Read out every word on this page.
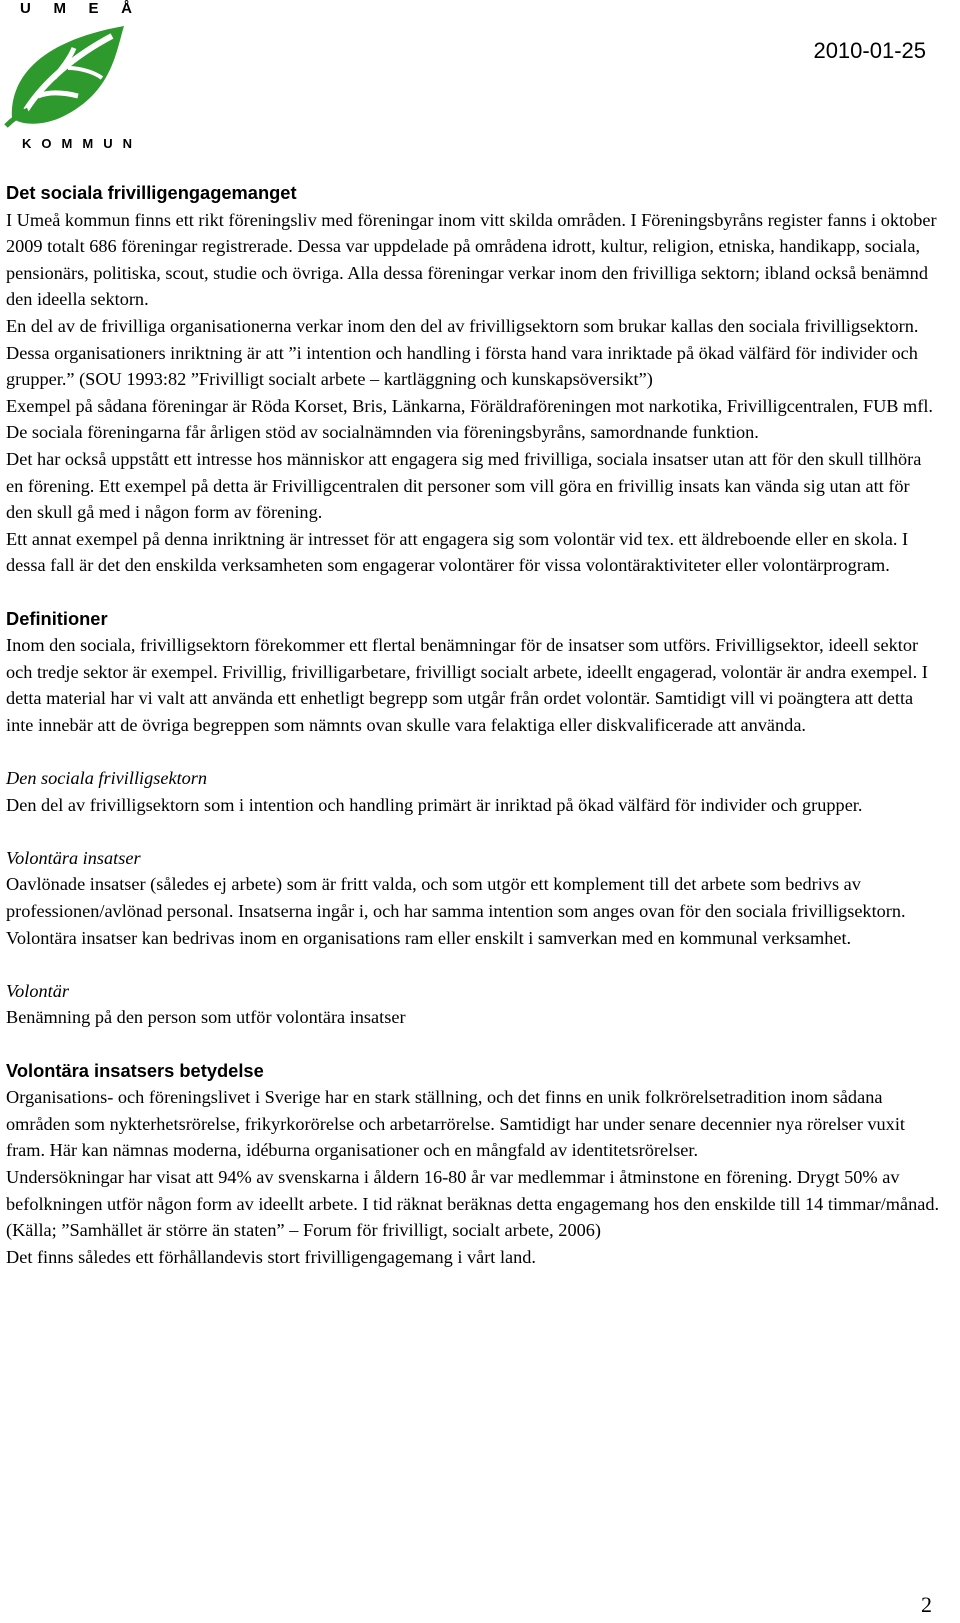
U M E Å
K O M M U N
2010-01-25

Det sociala frivilligengagemanget

I Umeå kommun finns ett rikt föreningsliv med föreningar inom vitt skilda områden. I Föreningsbyråns register fanns i oktober 2009 totalt 686 föreningar registrerade. Dessa var uppdelade på områdena idrott, kultur, religion, etniska, handikapp, sociala, pensionärs, politiska, scout, studie och övriga. Alla dessa föreningar verkar inom den frivilliga sektorn; ibland också benämnd den ideella sektorn.

En del av de frivilliga organisationerna verkar inom den del av frivilligsektorn som brukar kallas den sociala frivilligsektorn. Dessa organisationers inriktning är att ”i intention och handling i första hand vara inriktade på ökad välfärd för individer och grupper.” (SOU 1993:82 ”Frivilligt socialt arbete – kartläggning och kunskapsöversikt”)

Exempel på sådana föreningar är Röda Korset, Bris, Länkarna, Föräldraföreningen mot narkotika, Frivilligcentralen, FUB mfl. De sociala föreningarna får årligen stöd av socialnämnden via föreningsbyråns, samordnande funktion.

Det har också uppstått ett intresse hos människor att engagera sig med frivilliga, sociala insatser utan att för den skull tillhöra en förening. Ett exempel på detta är Frivilligcentralen dit personer som vill göra en frivillig insats kan vända sig utan att för den skull gå med i någon form av förening.

Ett annat exempel på denna inriktning är intresset för att engagera sig som volontär vid tex. ett äldreboende eller en skola. I dessa fall är det den enskilda verksamheten som engagerar volontärer för vissa volontäraktiviteter eller volontärprogram.

Definitioner

Inom den sociala, frivilligsektorn förekommer ett flertal benämningar för de insatser som utförs. Frivilligsektor, ideell sektor och tredje sektor är exempel. Frivillig, frivilligarbetare, frivilligt socialt arbete, ideellt engagerad, volontär är andra exempel. I detta material har vi valt att använda ett enhetligt begrepp som utgår från ordet volontär. Samtidigt vill vi poängtera att detta inte innebär att de övriga begreppen som nämnts ovan skulle vara felaktiga eller diskvalificerade att använda.

Den sociala frivilligsektorn

Den del av frivilligsektorn som i intention och handling primärt är inriktad på ökad välfärd för individer och grupper.

Volontära insatser

Oavlönade insatser (således ej arbete) som är fritt valda, och som utgör ett komplement till det arbete som bedrivs av professionen/avlönad personal. Insatserna ingår i, och har samma intention som anges ovan för den sociala frivilligsektorn. Volontära insatser kan bedrivas inom en organisations ram eller enskilt i samverkan med en kommunal verksamhet.

Volontär

Benämning på den person som utför volontära insatser

Volontära insatsers betydelse

Organisations- och föreningslivet i Sverige har en stark ställning, och det finns en unik folkrörelsetradition inom sådana områden som nykterhetsrörelse, frikyrkorörelse och arbetarrörelse. Samtidigt har under senare decennier nya rörelser vuxit fram. Här kan nämnas moderna, idéburna organisationer och en mångfald av identitetsrörelser.

Undersökningar har visat att 94% av svenskarna i åldern 16-80 år var medlemmar i åtminstone en förening. Drygt 50% av befolkningen utför någon form av ideellt arbete. I tid räknat beräknas detta engagemang hos den enskilde till 14 timmar/månad. (Källa; ”Samhället är större än staten” – Forum för frivilligt, socialt arbete, 2006)

Det finns således ett förhållandevis stort frivilligengagemang i vårt land.

2
